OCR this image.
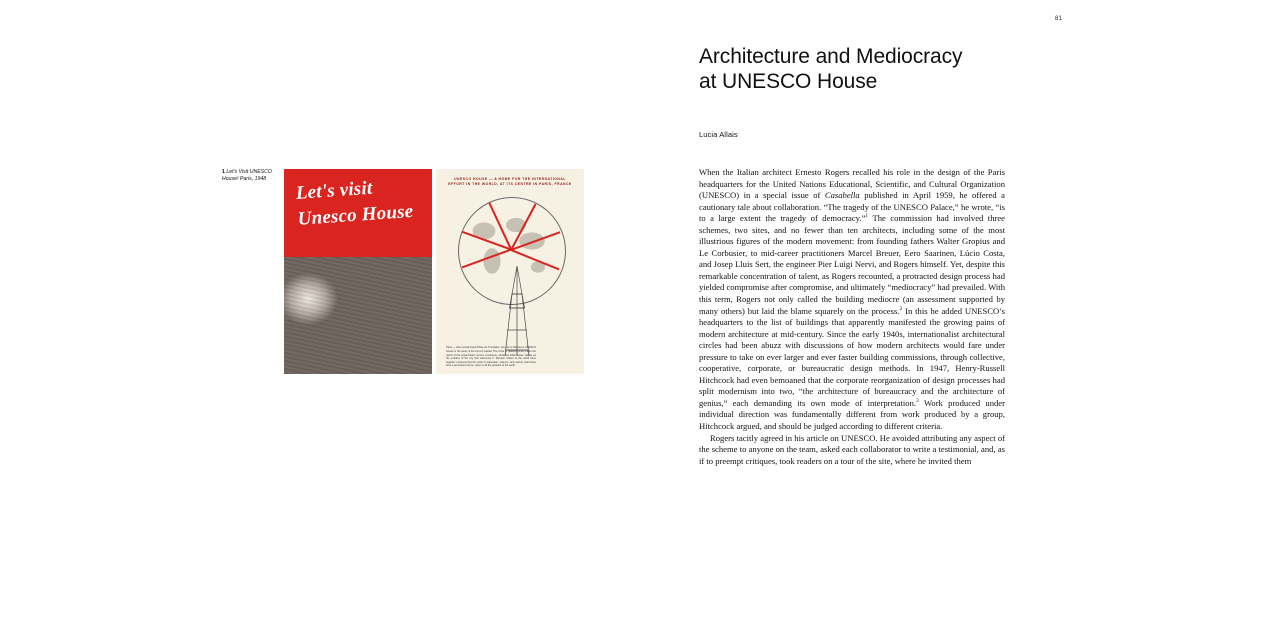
81
Architecture and Mediocracy
at UNESCO House
Lucia Allais
1 Let's Visit UNESCO House! Paris, 1948	Let's visit
Unesco House
UNESCO HOUSE — A HOME FOR THE INTERNATIONAL EFFORT IN THE WORLD, AT ITS CENTRE IN PARIS, FRANCE
Paris — Here would stand Place du Trocadéro, the site of the future UNESCO House in the heart of the French capital. The circle of radiating lines marks the reach of the organization across continents, while the Eiffel Tower stands as the emblem of the city that welcomes it. Member States of the world have together resolved that the work of education, science, and culture shall have here a permanent home, open to all the peoples of the earth.

When the Italian architect Ernesto Rogers recalled his role in the design of the Paris headquarters for the United Nations Educational, Scientific, and Cultural Organization (UNESCO) in a special issue of Casabella published in April 1959, he offered a cautionary tale about collaboration. “The tragedy of the UNESCO Palace,” he wrote, “is to a large extent the tragedy of democracy.”$^1$ The commission had involved three schemes, two sites, and no fewer than ten architects, including some of the most illustrious figures of the modern movement: from founding fathers Walter Gropius and Le Corbusier, to mid-career practitioners Marcel Breuer, Eero Saarinen, Lúcio Costa, and Josep Lluis Sert, the engineer Pier Luigi Nervi, and Rogers himself. Yet, despite this remarkable concentration of talent, as Rogers recounted, a protracted design process had yielded compromise after compromise, and ultimately “mediocracy” had prevailed. With this term, Rogers not only called the building mediocre (an assessment supported by many others) but laid the blame squarely on the process.$^2$ In this he added UNESCO’s headquarters to the list of buildings that apparently manifested the growing pains of modern architecture at mid-century. Since the early 1940s, internationalist architectural circles had been abuzz with discussions of how modern architects would fare under pressure to take on ever larger and ever faster building commissions, through collective, cooperative, corporate, or bureaucratic design methods. In 1947, Henry-Russell Hitchcock had even bemoaned that the corporate reorganization of design processes had split modernism into two, “the architecture of bureaucracy and the architecture of genius,” each demanding its own mode of interpretation.$^3$ Work produced under individual direction was fundamentally different from work produced by a group, Hitchcock argued, and should be judged according to different criteria.

Rogers tacitly agreed in his article on UNESCO. He avoided attributing any aspect of the scheme to anyone on the team, asked each collaborator to write a testimonial, and, as if to preempt critiques, took readers on a tour of the site, where he invited them
